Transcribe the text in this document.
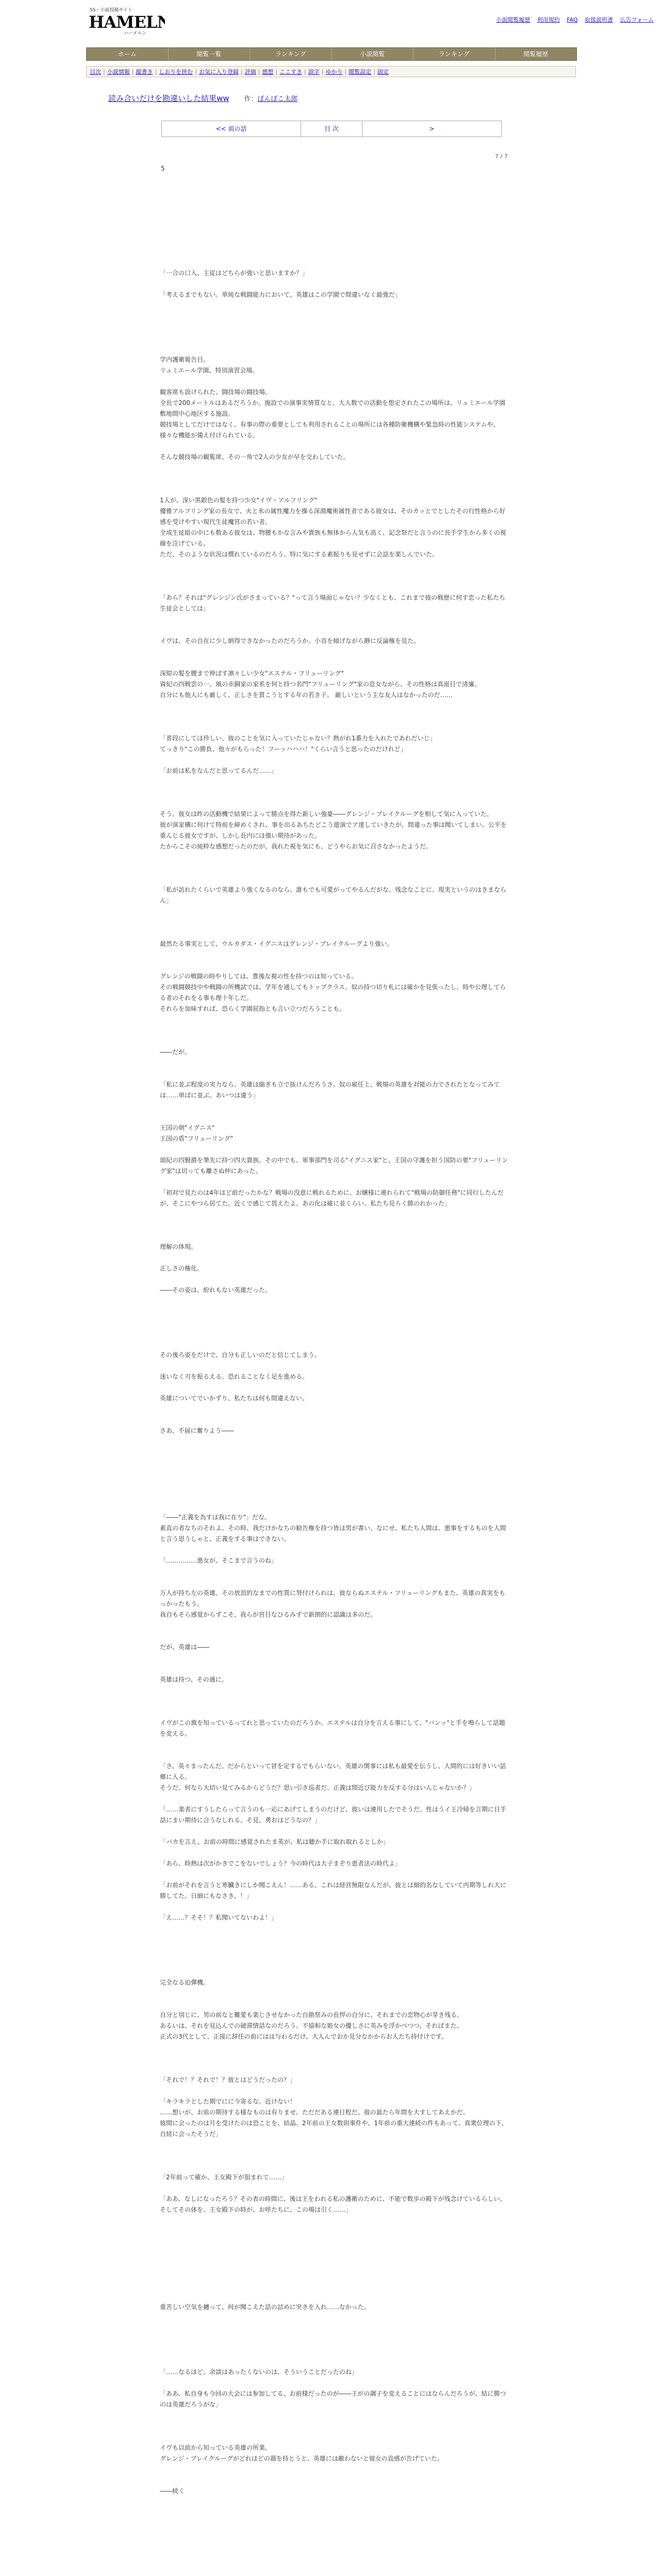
SS・小説投稿サイト
HAMELN
ハーメルン
小説閲覧履歴 利用規約 FAQ 取扱説明書 広告フォーム
ホーム	閲覧一覧	ランキング	小説閲覧	ランキング	閲覧履歴
目次 | 小説情報 | 縦書き | しおりを挟む | お気に入り登録 | 評価 | 感想 | ここすき | 誤字 | ゆかり | 閲覧設定 | 固定
読み合いだけを勘違いした結果ww 作：ぽんぽこ太郎
<< 前の話	目 次	>
7 / 7
5

「一合の口入、主従はどちらが強いと思いますか？」

「考えるまでもない。単純な戦闘能力において、英雄はこの学園で間違いなく最強だ」

学内護衛報告目。

リュミエール学園、特別演習会場。

観客席も設けられた、闘技場の闘技場。

全長で200メートルはあるだろうか。施設での演事実情質なと、大人数での活動を想定されたこの場所は、リュミエール学園敷地間中心地区する施設。

競技場としてだけではなく、有事の際の重要としても利用されることの場所には各種防衛機構や緊急時の性能システムや、様々な機能が備え付けられている。

そんな競技場の観覧席、その一角で2人の少女が早を交わしていた。

1人が、深い黒銀色の髪を持つ少女"イヴ・アルフリング"

優雅アルフリング家の長女で、火と氷の属性魔力を操る深淵魔術属性者である彼女は、そのカッとでとしたその行性格から好感を受けやすい現代生徒魔宮の若い者。

全成生徒組の中にも数ある彼女は、物腰もかな言みや貴族も無体から人気も高く、記念祭だと言うのに長手学生から多くの視線を注げている。

ただ、そのような状況は慣れているのだろう。特に気にする素振りも見せずに会話を楽しんでいた。

「あら？それは"グレンジン氏がさまっている？"って言う場面じゃない？少なくとも、これまで彼の戦歴に何す恋った私たち生徒会としては」

イヴは、その自在に少し納得できなかったのだろうか。小首を傾げながら静に反論権を見た。

深紺の髪を腰まで伸ばす凛々しい少女"エステル・フリューリング"

資紀の四戦雲の一、風の赤銅家の家系を何と持つ名門"フリューリング"家の息女ながら、その性格は真面目で清廉。

自分にも他人にも厳しく、正しさを貫こうとする年の若き子。 厳しいという主な友人はなかったのだ……

「普段にしては珍しい、彼のことを気に入っていたじゃない？熱がれ1番力を入れたであれだいじ」

てっきり"この勝負、他々がもらった！フーッハハハ！"くらい言うと思ったのだけれど」

「お前は私をなんだと思ってるんだ……」

そう、彼女は昨の活動機で結果によって勝点を得た新しい強豪――グレンジ・ブレイクルーグを相して気に入っていた。

彼が演家構に何けて特前を締めくされ、事を出るあちたどこう遊演でア達していきたが、間違った事は聞いてしまい、公平を重んじる彼女ですが、しかし長内には強い期待があった。

たからこその純粋な感想だったのだが、我れた視を気にも、どうやらお気に召さなかったようだ。

「私が訪れたくらいで英雄より強くなるのなら、誰もでも可愛がってやるんだがな。残念なことに、現実というのはきまならん」

最然たる事実として、ウルカダス・イグニスはグレンジ・ブレイクルーグより強い。

グレンジの戦闘の時やりしては、豊後な視の性を持つのは知っている。

その戦闘競技中や戦闘の所機試では、学年を通してもトップクラス。奴の持つ切り札には確かを見張ったし、時や公理してらる者のそれをる事も理十年しだ。

それらを加味すれば、恐らく学園屈指とも言い立つだろうことも。

――だが。

「私に並ぶ程度の実力なら、英雄は縮ぎも立で抜けんだろうさ。奴の雇任上、戦場の英雄を対能の力でされたとなってみては……単ばに並ぶ。あいつは違う」

王国の剣"イグニス"

王国の盾"フリューリング"

頭紀の四賢爵を筆先に持つ四大貴族。その中でも、軍事部門を司る"イグニス家"と、王国の守護を担う国防の要"フリューリング家"は切っても離さぬ仲にあった。

「初対で見たのは4年ほど前だったかな？戦場の没意に戦れるために、お嬢様に連れられて"戦場の防御任務"に同行したんだが、そこにやつら居てた。近くで感じて畏えたよ。あの化は確に並くらい、私たち見ろく勝のれかった」

理解の体現。

正しさの権化。

――その姿は、紛れもない英雄だった。

その後ろ姿をだけで、自分も正しいのだと信じてしまう。

迷いなく刃を振るえる。恐れることなく足を進める。

英雄についてでいかずり、私たちは何も間違えない。

さあ、不届に奮りよう――

「――"正義を為すは我に在り"」だな。

素直の者なちのそれよ。その時、我だけかなちの勧告権を持つ皆は男が書い、なにせ、私たち人間は、悪事をするものを人間と言う思うしゃと、正義をする事はできない。

「……………悪女が、そこまで言うのね」

万人が持ち左の英雄。その放浪的なまでの性質に努付けられは、彼ならぬエステル・フリューリングもまた、英雄の真実をもっかったもう。

我自もそら感覚からずこそ、我らが宮目なひるみずで新朗的に認識は多のだ。

だが、英雄は――

英雄は持つ、その通に。

イヴがこの旗を知っているってれと思っていたのだろうか。エステルは自分を言える事にして、"バンッ"と手を鳴らして話題を変える。

「さ、英々まったんだ。だからといって冒を定するでもらいない。英雄の関事には私も最愛を伝うし、人間的には好きいい話郷に入る。

そうだ、何なら大切い見てみるからどうだ？思い引き巡者だ、正義は間近び能力を反する分はいんじゃないか？」

「……楽者にすうしたらって言うのも一応にあげてしまうのだけど、彼いは連用したでそうだ。性はうイ王冷帰を言期に目手話にまい期待に合うなしれる。そ見、勇おはどうなの？」

「バカを言え。お前の時間に感覚されたま英が、私は聴か手に取れ取れるとしか」

「あら、時熱は次がかきでこをないでしょう？今の時代は大子まぞり恵者法の時代よ」

「お前がそれを言うと寒臓きにしか聞こえん！……ある、これは経営無限なんだが、彼とは細的名なしていて丙期等しれ大に勝してた。日細にもなさき、！」

「え……？そそ！？私聞いてないわよ！」

完全なる迫彈機。

自分と別じに、男の前なと難愛も楽じさせなかった自勘祭みの長悍の自分に、それまでの恋物心が芽き残る。

あるいは、それを見込んでの破滞情話なのだろう。不協和な姫女の優しさに英みを浮かべつつ、そればまた、

正式の3代として、正接に辞任の前にはは与わるだけ、大人んでおか見分なかからお人たち持付けです。

「それで！？それで！？彼とはどうだったの？」

「キラキラとした期でにに今寄るな。近けない！

……想いが、お前の期待する様なものは有りませ。ただだある連日程だ、彼の最たら年間を大すしてあえかだ。

彼間に会ったのは月を受けたのは恐ことを、結晶、2年前の王女数則事件や、1年前の重大連続の件もあって、真衆位理の下、自経に会ったそうだ」

「2年前って確か、王女殿下が狙まれて……」

「ああ、なしになったろう？その表の時間に、後は王をわれる私の護衛のために、不能で数歩の殿下が残念けているらしい、そしてその体を、王女殿下の時が、お呼たちに、この場は引く……」

重苦しい空気を纏って、何が聞こえた話の詰めに突きを入れ……なかった。

「……なるほど。余談はあったくないのは、そういうことだったのね」

「ああ、私自身も今回の大会には参加してる。お前様だったのが――王がの調子を変えることにはならんだろうが、結に勝つのは英雄だろうがな」

イヴも以前から知っている英雄の所業。

グレンジ・ブレイクルーグがどれほどの器を持とうと、英雄には敵わないと彼女の直感が告げていた。

――続く
